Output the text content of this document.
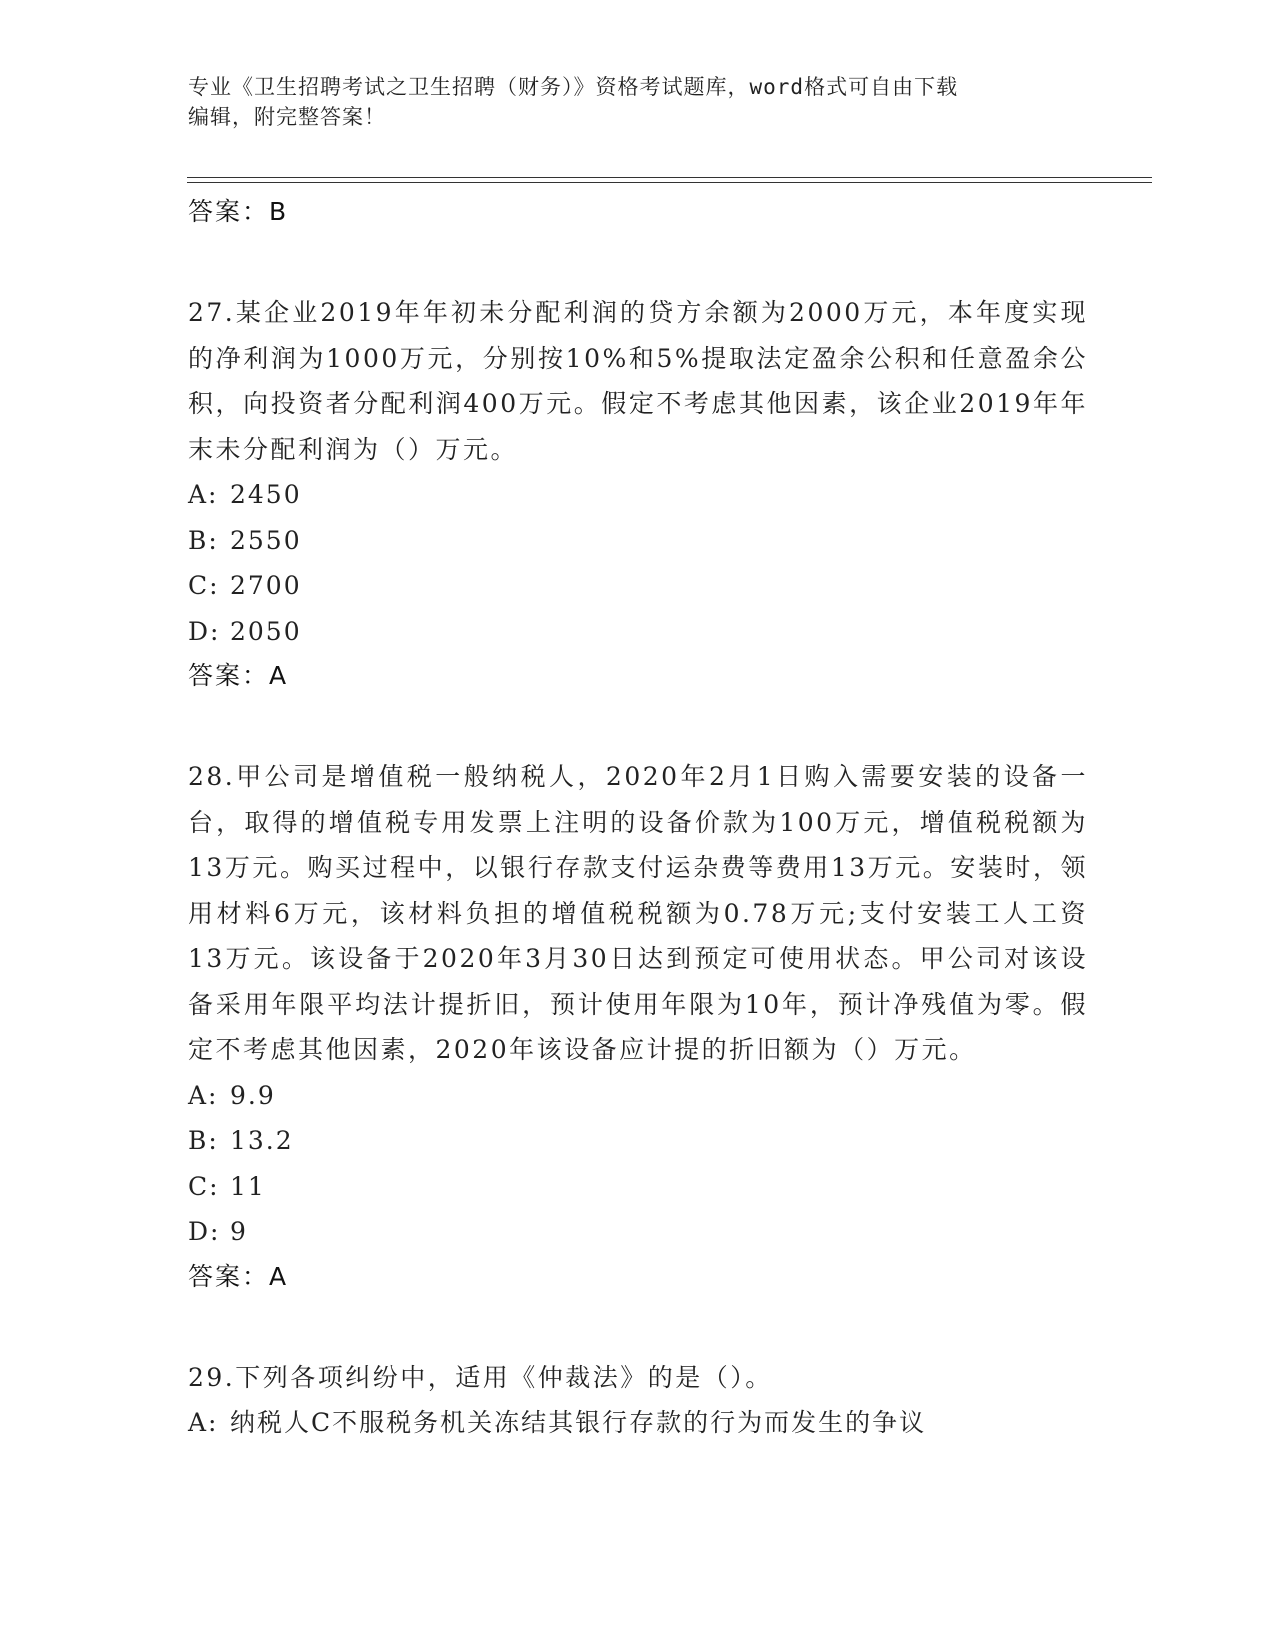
专业《卫生招聘考试之卫生招聘（财务）》资格考试题库，word格式可自由下载
编辑，附完整答案！
答案：B
27.某企业2019年年初未分配利润的贷方余额为2000万元，本年度实现的净利润为1000万元，分别按10%和5%提取法定盈余公积和任意盈余公积，向投资者分配利润400万元。假定不考虑其他因素，该企业2019年年末未分配利润为（）万元。
A: 2450
B: 2550
C: 2700
D: 2050
答案：A
28.甲公司是增值税一般纳税人，2020年2月1日购入需要安装的设备一台，取得的增值税专用发票上注明的设备价款为100万元，增值税税额为13万元。购买过程中，以银行存款支付运杂费等费用13万元。安装时，领用材料6万元，该材料负担的增值税税额为0.78万元;支付安装工人工资13万元。该设备于2020年3月30日达到预定可使用状态。甲公司对该设备采用年限平均法计提折旧，预计使用年限为10年，预计净残值为零。假定不考虑其他因素，2020年该设备应计提的折旧额为（）万元。
A: 9.9
B: 13.2
C: 11
D: 9
答案：A
29.下列各项纠纷中，适用《仲裁法》的是（）。
A: 纳税人C不服税务机关冻结其银行存款的行为而发生的争议
